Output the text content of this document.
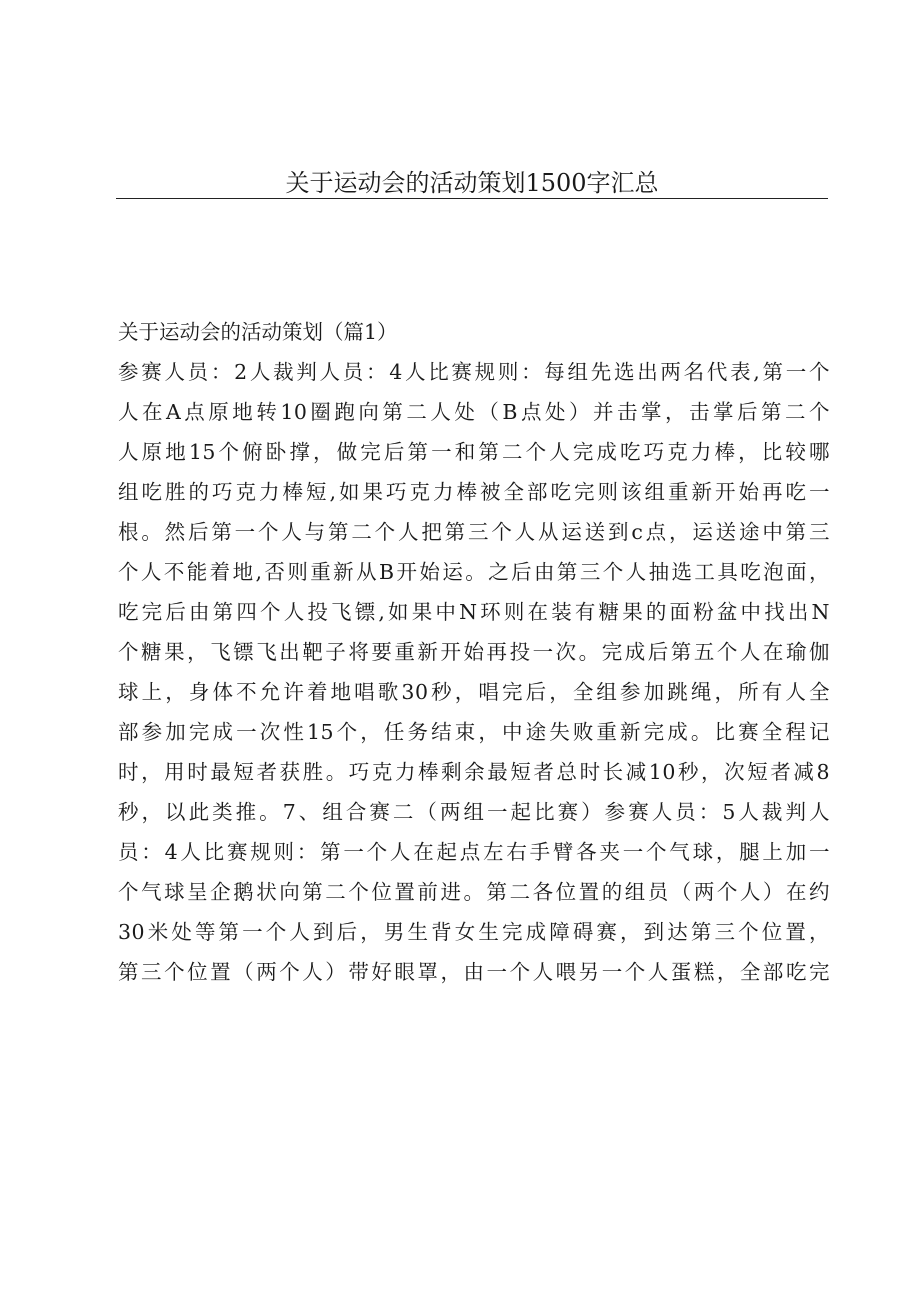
关于运动会的活动策划1500字汇总
关于运动会的活动策划（篇1）
参赛人员：2人裁判人员：4人比赛规则：每组先选出两名代表,第一个
人在A点原地转10圈跑向第二人处（B点处）并击掌，击掌后第二个
人原地15个俯卧撑，做完后第一和第二个人完成吃巧克力棒，比较哪
组吃胜的巧克力棒短,如果巧克力棒被全部吃完则该组重新开始再吃一
根。然后第一个人与第二个人把第三个人从运送到c点，运送途中第三
个人不能着地,否则重新从B开始运。之后由第三个人抽选工具吃泡面，
吃完后由第四个人投飞镖,如果中N环则在装有糖果的面粉盆中找出N
个糖果，飞镖飞出靶子将要重新开始再投一次。完成后第五个人在瑜伽
球上，身体不允许着地唱歌30秒，唱完后，全组参加跳绳，所有人全
部参加完成一次性15个，任务结束，中途失败重新完成。比赛全程记
时，用时最短者获胜。巧克力棒剩余最短者总时长减10秒，次短者减8
秒，以此类推。7、组合赛二（两组一起比赛）参赛人员：5人裁判人
员：4人比赛规则：第一个人在起点左右手臂各夹一个气球，腿上加一
个气球呈企鹅状向第二个位置前进。第二各位置的组员（两个人）在约
30米处等第一个人到后，男生背女生完成障碍赛，到达第三个位置，
第三个位置（两个人）带好眼罩，由一个人喂另一个人蛋糕，全部吃完
